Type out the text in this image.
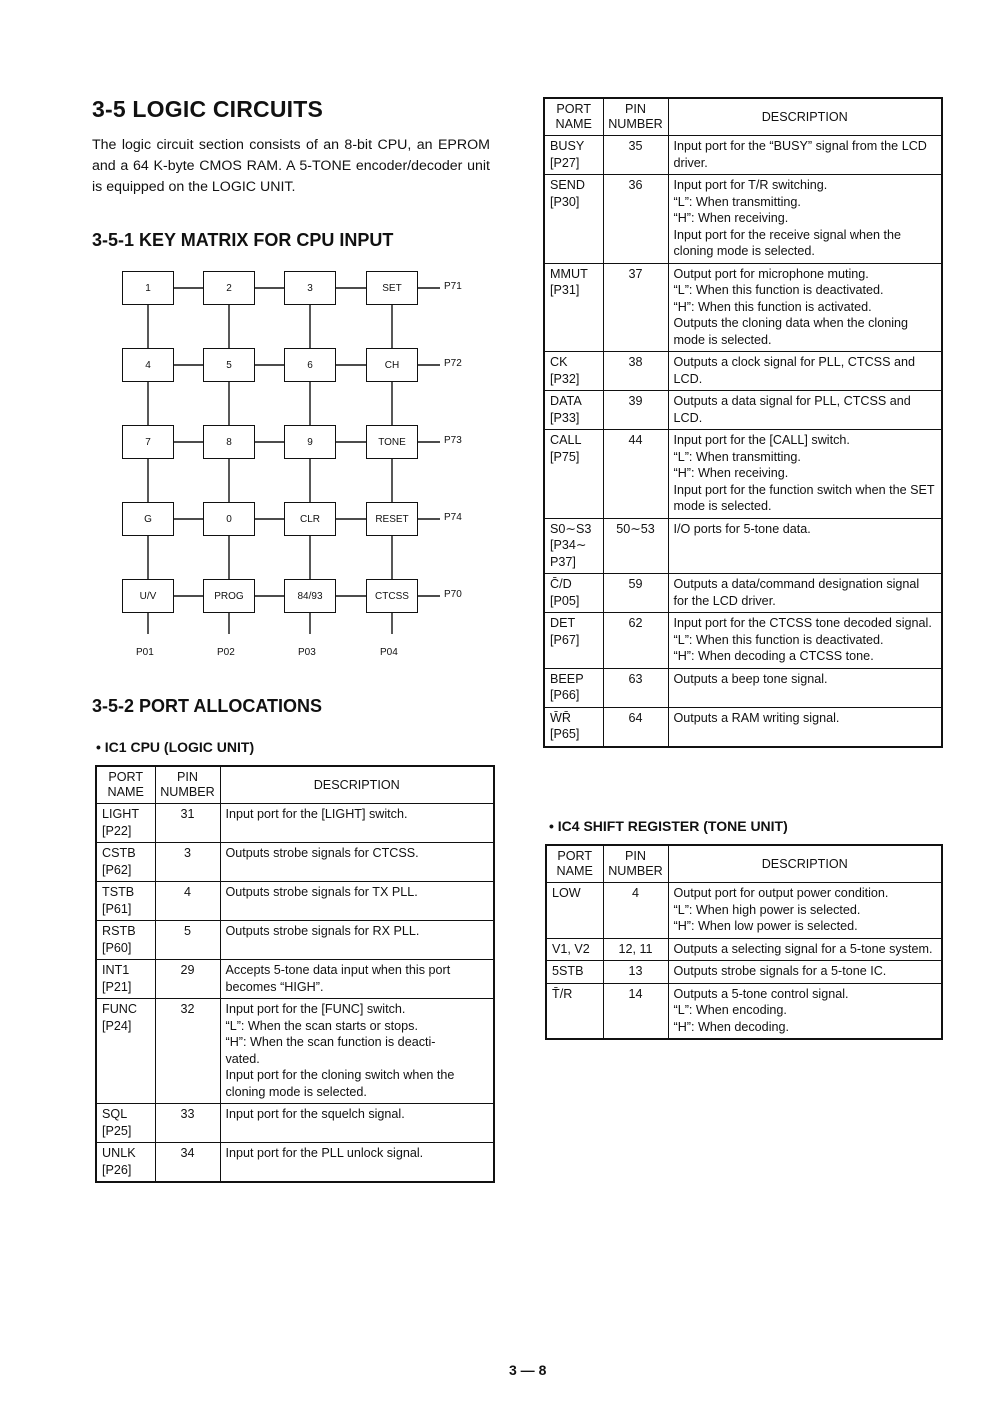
3-5 LOGIC CIRCUITS

The logic circuit section consists of an 8-bit CPU, an EPROM and a 64 K-byte CMOS RAM. A 5-TONE encoder/decoder unit is equipped on the LOGIC UNIT.

3-5-1 KEY MATRIX FOR CPU INPUT
1	2	3	SET	P71
4	5	6	CH	P72
7	8	9	TONE	P73
G	0	CLR	RESET	P74
U/V	PROG	84/93	CTCSS	P70
P01	P02	P03	P04
3-5-2 PORT ALLOCATIONS
• IC1 CPU (LOGIC UNIT)
PORT
NAME	PIN
NUMBER	DESCRIPTION
LIGHT
[P22]	31	Input port for the [LIGHT] switch.
CSTB
[P62]	3	Outputs strobe signals for CTCSS.
TSTB
[P61]	4	Outputs strobe signals for TX PLL.
RSTB
[P60]	5	Outputs strobe signals for RX PLL.
INT1
[P21]	29	Accepts 5-tone data input when this port becomes “HIGH”.
FUNC
[P24]	32	Input port for the [FUNC] switch.
“L”: When the scan starts or stops.
“H”: When the scan function is deacti-
vated.
Input port for the cloning switch when the cloning mode is selected.
SQL
[P25]	33	Input port for the squelch signal.
UNLK
[P26]	34	Input port for the PLL unlock signal.
PORT
NAME	PIN
NUMBER	DESCRIPTION
BUSY
[P27]	35	Input port for the “BUSY” signal from the LCD driver.
SEND
[P30]	36	Input port for T/R switching.
“L”: When transmitting.
“H”: When receiving.
Input port for the receive signal when the cloning mode is selected.
MMUT
[P31]	37	Output port for microphone muting.
“L”: When this function is deactivated.
“H”: When this function is activated.
Outputs the cloning data when the cloning mode is selected.
CK
[P32]	38	Outputs a clock signal for PLL, CTCSS and LCD.
DATA
[P33]	39	Outputs a data signal for PLL, CTCSS and LCD.
CALL
[P75]	44	Input port for the [CALL] switch.
“L”: When transmitting.
“H”: When receiving.
Input port for the function switch when the SET mode is selected.
S0∼S3
[P34∼
P37]	50∼53	I/O ports for 5-tone data.
C̄/D
[P05]	59	Outputs a data/command designation signal for the LCD driver.
DET
[P67]	62	Input port for the CTCSS tone decoded signal.
“L”: When this function is deactivated.
“H”: When decoding a CTCSS tone.
BEEP
[P66]	63	Outputs a beep tone signal.
W̄R̄
[P65]	64	Outputs a RAM writing signal.
• IC4 SHIFT REGISTER (TONE UNIT)
PORT
NAME	PIN
NUMBER	DESCRIPTION
LOW	4	Output port for output power condition.
“L”: When high power is selected.
“H”: When low power is selected.
V1, V2	12, 11	Outputs a selecting signal for a 5-tone system.
5STB	13	Outputs strobe signals for a 5-tone IC.
T̄/R	14	Outputs a 5-tone control signal.
“L”: When encoding.
“H”: When decoding.
3 — 8
